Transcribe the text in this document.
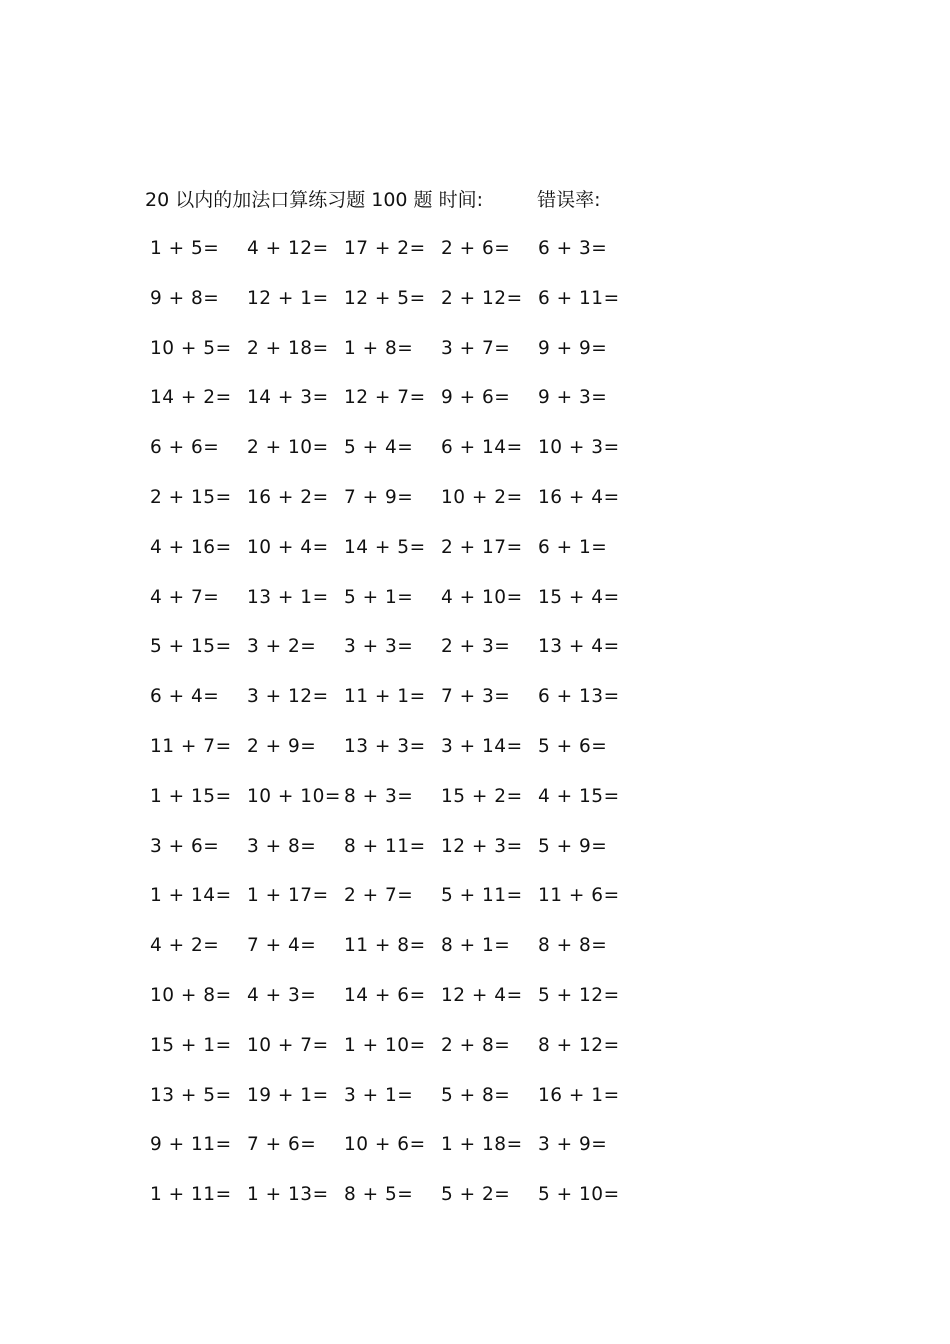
20 以内的加法口算练习题 100 题 时间:	错误率:
1 + 5=	4 + 12= 17 + 2= 2 + 6=	6 + 3=
9 + 8=	12 + 1= 12 + 5= 2 + 12= 6 + 11=
10 + 5= 2 + 18= 1 + 8=	3 + 7=	9 + 9=
14 + 2= 14 + 3= 12 + 7= 9 + 6=	9 + 3=
6 + 6=	2 + 10= 5 + 4=	6 + 14= 10 + 3=
2 + 15= 16 + 2= 7 + 9=	10 + 2= 16 + 4=
4 + 16= 10 + 4= 14 + 5= 2 + 17= 6 + 1=
4 + 7=	13 + 1= 5 + 1=	4 + 10= 15 + 4=
5 + 15= 3 + 2=	3 + 3=	2 + 3=	13 + 4=
6 + 4=	3 + 12= 11 + 1= 7 + 3=	6 + 13=
11 + 7= 2 + 9=	13 + 3= 3 + 14= 5 + 6=
1 + 15= 10 + 10= 8 + 3=	15 + 2= 4 + 15=
3 + 6=	3 + 8=	8 + 11= 12 + 3= 5 + 9=
1 + 14= 1 + 17= 2 + 7=	5 + 11= 11 + 6=
4 + 2=	7 + 4=	11 + 8= 8 + 1=	8 + 8=
10 + 8= 4 + 3=	14 + 6= 12 + 4= 5 + 12=
15 + 1= 10 + 7= 1 + 10= 2 + 8=	8 + 12=
13 + 5= 19 + 1= 3 + 1=	5 + 8=	16 + 1=
9 + 11= 7 + 6=	10 + 6= 1 + 18= 3 + 9=
1 + 11= 1 + 13= 8 + 5=	5 + 2=	5 + 10=
